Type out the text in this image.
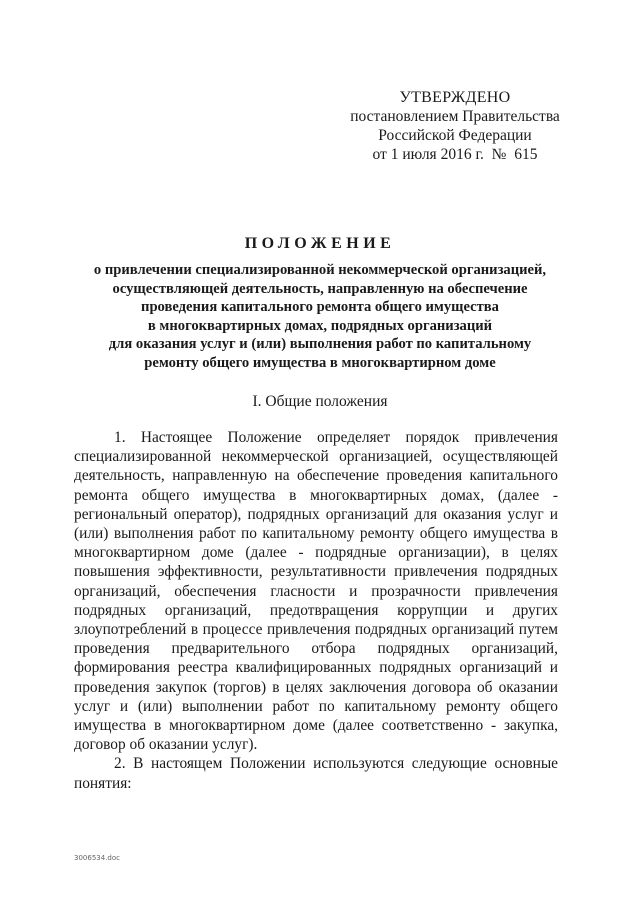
УТВЕРЖДЕНО
постановлением Правительства
Российской Федерации
от 1 июля 2016 г.  №  615
ПОЛОЖЕНИЕ
о привлечении специализированной некоммерческой организацией,
осуществляющей деятельность, направленную на обеспечение
проведения капитального ремонта общего имущества
в многоквартирных домах, подрядных организаций
для оказания услуг и (или) выполнения работ по капитальному
ремонту общего имущества в многоквартирном доме
I. Общие положения

1. Настоящее Положение определяет порядок привлечения специализированной некоммерческой организацией, осуществляющей деятельность, направленную на обеспечение проведения капитального ремонта общего имущества в многоквартирных домах, (далее - региональный оператор), подрядных организаций для оказания услуг и (или) выполнения работ по капитальному ремонту общего имущества в многоквартирном доме (далее - подрядные организации), в целях повышения эффективности, результативности привлечения подрядных организаций, обеспечения гласности и прозрачности привлечения подрядных организаций, предотвращения коррупции и других злоупотреблений в процессе привлечения подрядных организаций путем проведения предварительного отбора подрядных организаций, формирования реестра квалифицированных подрядных организаций и проведения закупок (торгов) в целях заключения договора об оказании услуг и (или) выполнении работ по капитальному ремонту общего имущества в многоквартирном доме (далее соответственно - закупка, договор об оказании услуг).

2. В настоящем Положении используются следующие основные понятия:

3006534.doc
